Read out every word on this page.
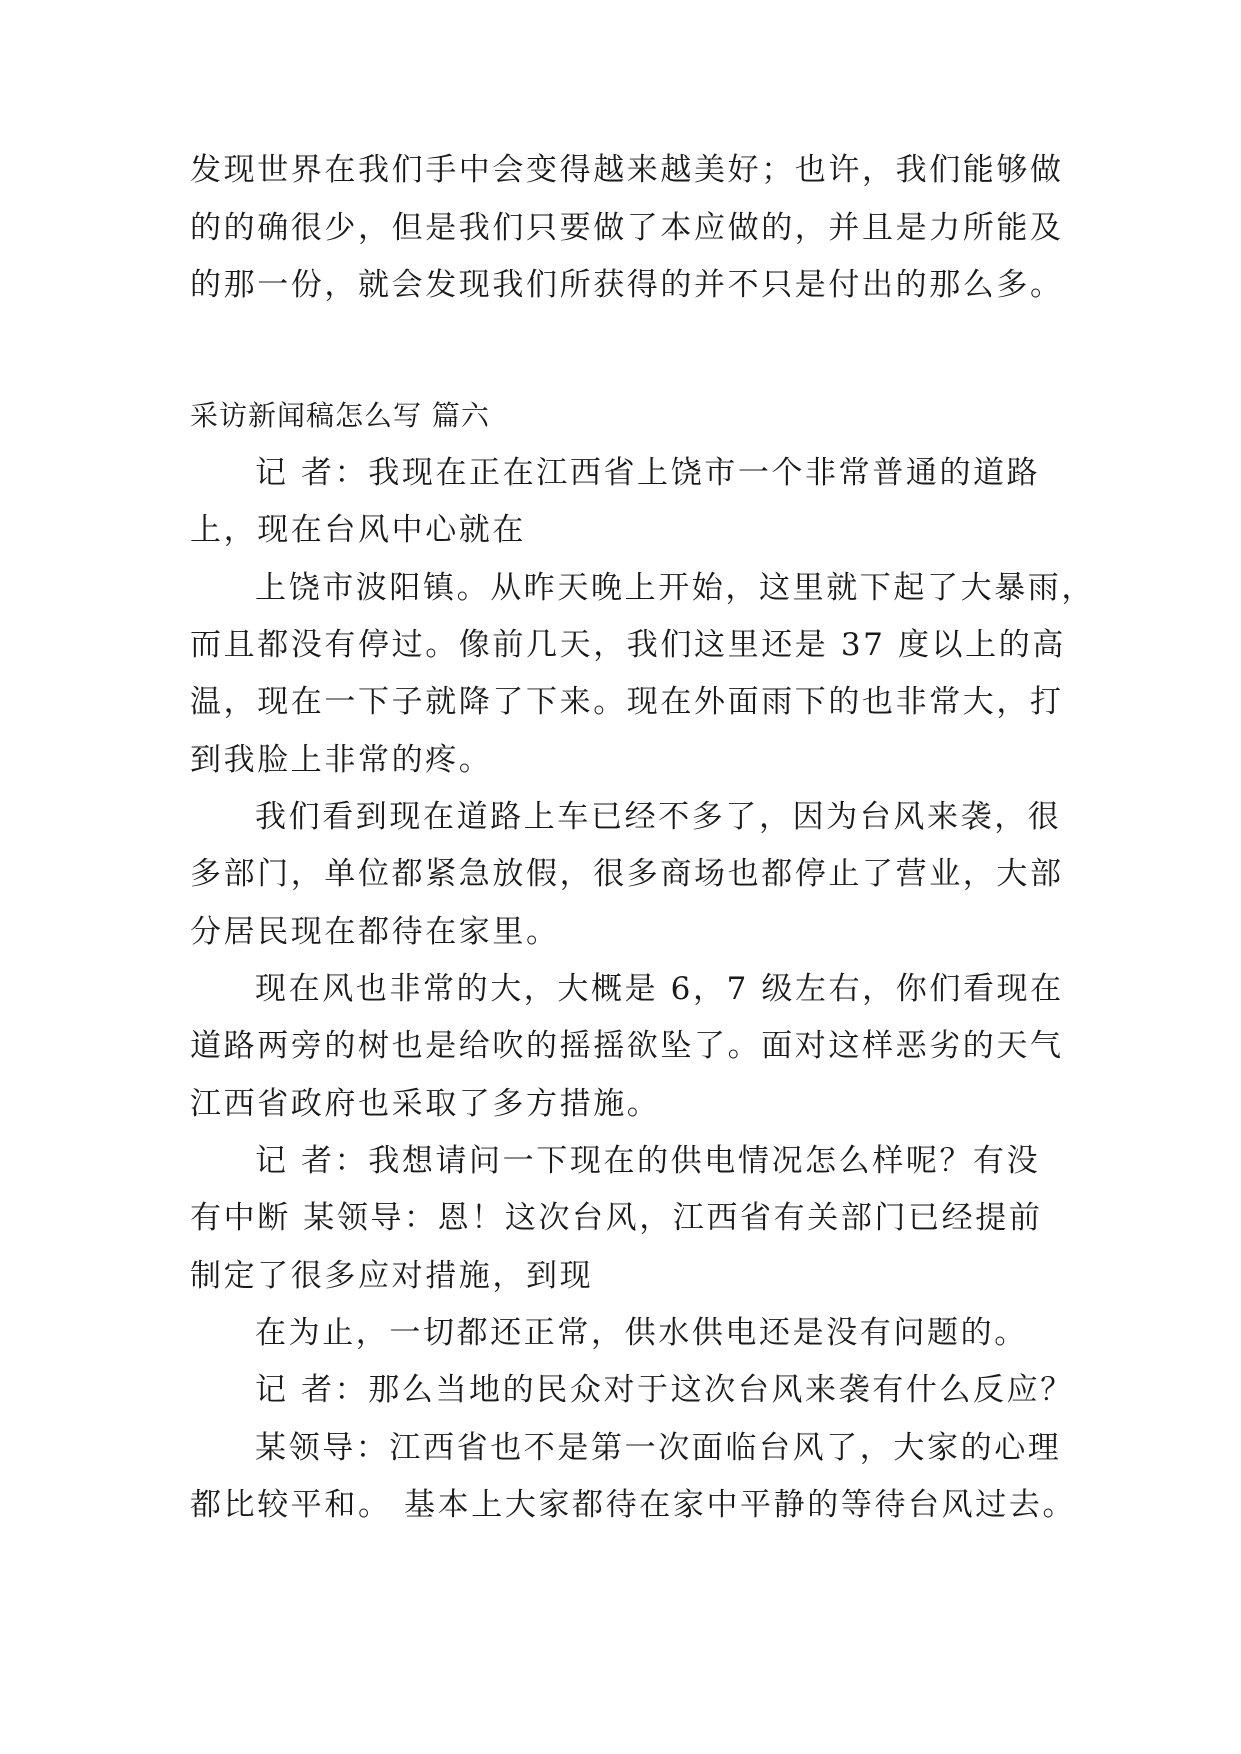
发现世界在我们手中会变得越来越美好；也许，我们能够做
的的确很少，但是我们只要做了本应做的，并且是力所能及
的那一份，就会发现我们所获得的并不只是付出的那么多。
采访新闻稿怎么写 篇六
记 者：我现在正在江西省上饶市一个非常普通的道路
上，现在台风中心就在
上饶市波阳镇。从昨天晚上开始，这里就下起了大暴雨，
而且都没有停过。像前几天，我们这里还是 37 度以上的高
温，现在一下子就降了下来。现在外面雨下的也非常大，打
到我脸上非常的疼。
我们看到现在道路上车已经不多了，因为台风来袭，很
多部门，单位都紧急放假，很多商场也都停止了营业，大部
分居民现在都待在家里。
现在风也非常的大，大概是 6，7 级左右，你们看现在
道路两旁的树也是给吹的摇摇欲坠了。面对这样恶劣的天气
江西省政府也采取了多方措施。
记 者：我想请问一下现在的供电情况怎么样呢？有没
有中断 某领导：恩！这次台风，江西省有关部门已经提前
制定了很多应对措施，到现
在为止，一切都还正常，供水供电还是没有问题的。
记 者：那么当地的民众对于这次台风来袭有什么反应？
某领导：江西省也不是第一次面临台风了，大家的心理
都比较平和。 基本上大家都待在家中平静的等待台风过去。
